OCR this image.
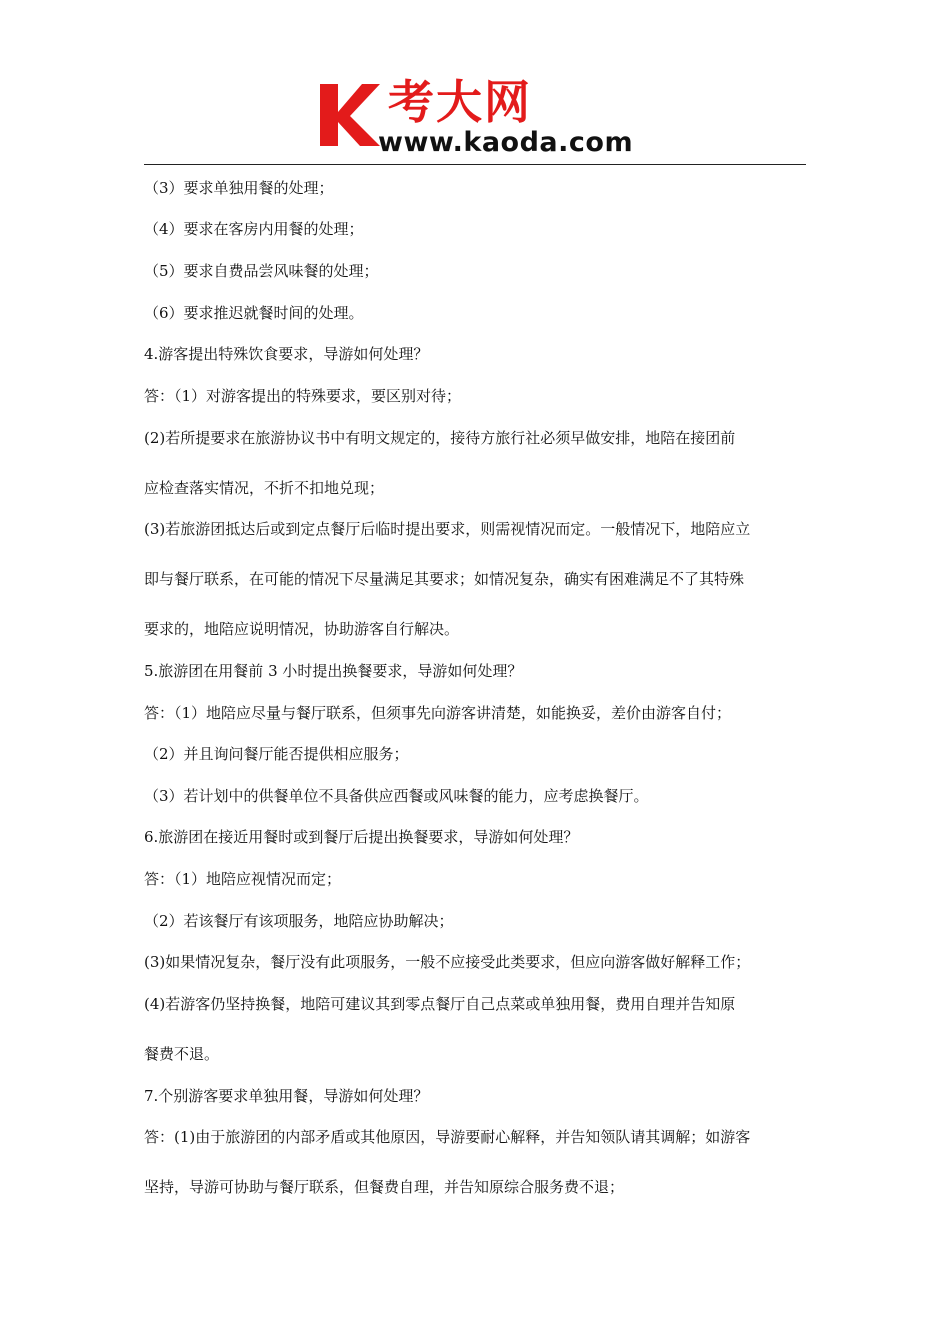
考大网
www.kaoda.com
（3）要求单独用餐的处理；
（4）要求在客房内用餐的处理；
（5）要求自费品尝风味餐的处理；
（6）要求推迟就餐时间的处理。
4.游客提出特殊饮食要求，导游如何处理？
答：（1）对游客提出的特殊要求，要区别对待；
(2)若所提要求在旅游协议书中有明文规定的，接待方旅行社必须早做安排，地陪在接团前
应检查落实情况，不折不扣地兑现；
(3)若旅游团抵达后或到定点餐厅后临时提出要求，则需视情况而定。一般情况下，地陪应立
即与餐厅联系，在可能的情况下尽量满足其要求；如情况复杂，确实有困难满足不了其特殊
要求的，地陪应说明情况，协助游客自行解决。
5.旅游团在用餐前 3 小时提出换餐要求，导游如何处理？
答：（1）地陪应尽量与餐厅联系，但须事先向游客讲清楚，如能换妥，差价由游客自付；
（2）并且询问餐厅能否提供相应服务；
（3）若计划中的供餐单位不具备供应西餐或风味餐的能力，应考虑换餐厅。
6.旅游团在接近用餐时或到餐厅后提出换餐要求，导游如何处理？
答：（1）地陪应视情况而定；
（2）若该餐厅有该项服务，地陪应协助解决；
(3)如果情况复杂，餐厅没有此项服务，一般不应接受此类要求，但应向游客做好解释工作；
(4)若游客仍坚持换餐，地陪可建议其到零点餐厅自己点菜或单独用餐，费用自理并告知原
餐费不退。
7.个别游客要求单独用餐，导游如何处理？
答：(1)由于旅游团的内部矛盾或其他原因，导游要耐心解释，并告知领队请其调解；如游客
坚持，导游可协助与餐厅联系，但餐费自理，并告知原综合服务费不退；
